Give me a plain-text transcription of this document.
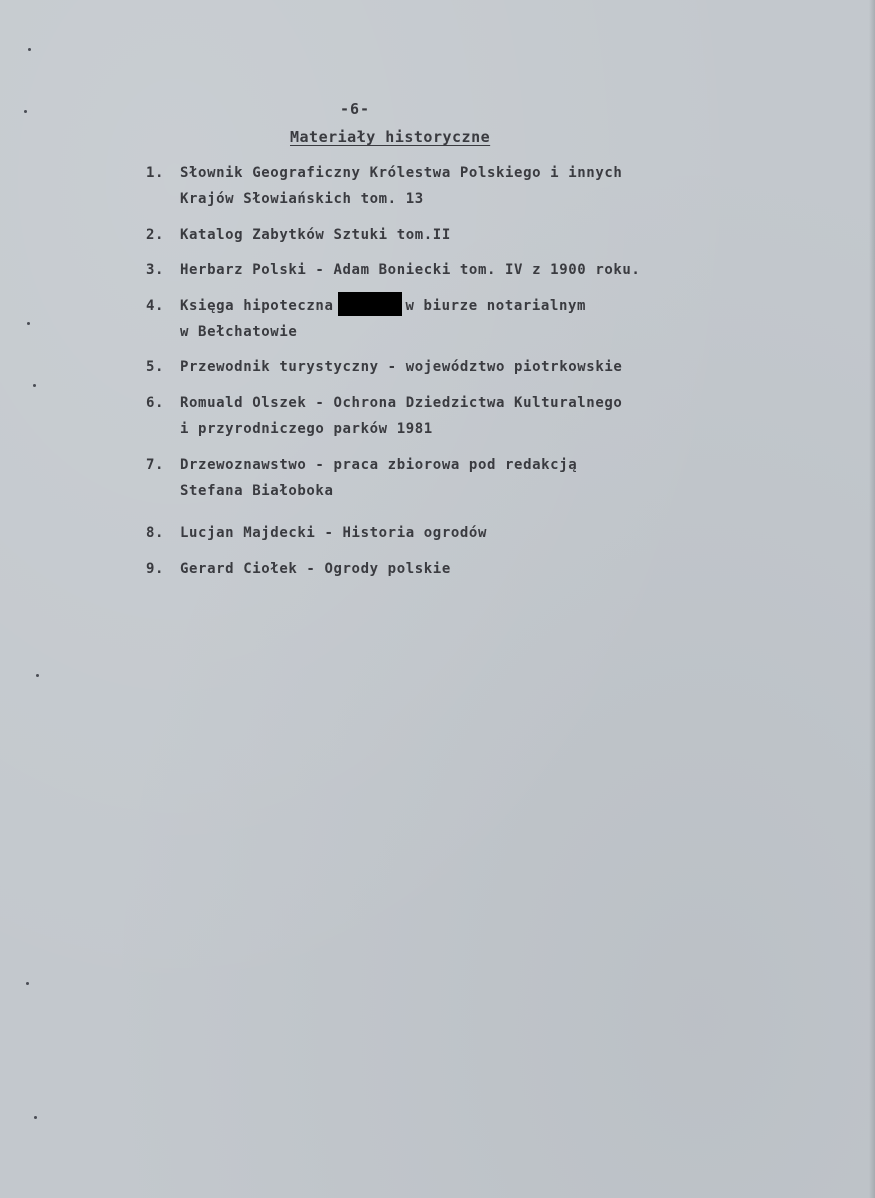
-6-
Materiały historyczne
1. Słownik Geograficzny Królestwa Polskiego i innych
Krajów Słowiańskich tom. 13
2. Katalog Zabytków Sztuki tom.II
3. Herbarz Polski - Adam Boniecki tom. IV z 1900 roku.
4. Księga hipoteczna	w biurze notarialnym
w Bełchatowie
5. Przewodnik turystyczny - województwo piotrkowskie
6. Romuald Olszek - Ochrona Dziedzictwa Kulturalnego
i przyrodniczego parków 1981
7. Drzewoznawstwo - praca zbiorowa pod redakcją
Stefana Białoboka
8. Lucjan Majdecki - Historia ogrodów
9. Gerard Ciołek - Ogrody polskie
